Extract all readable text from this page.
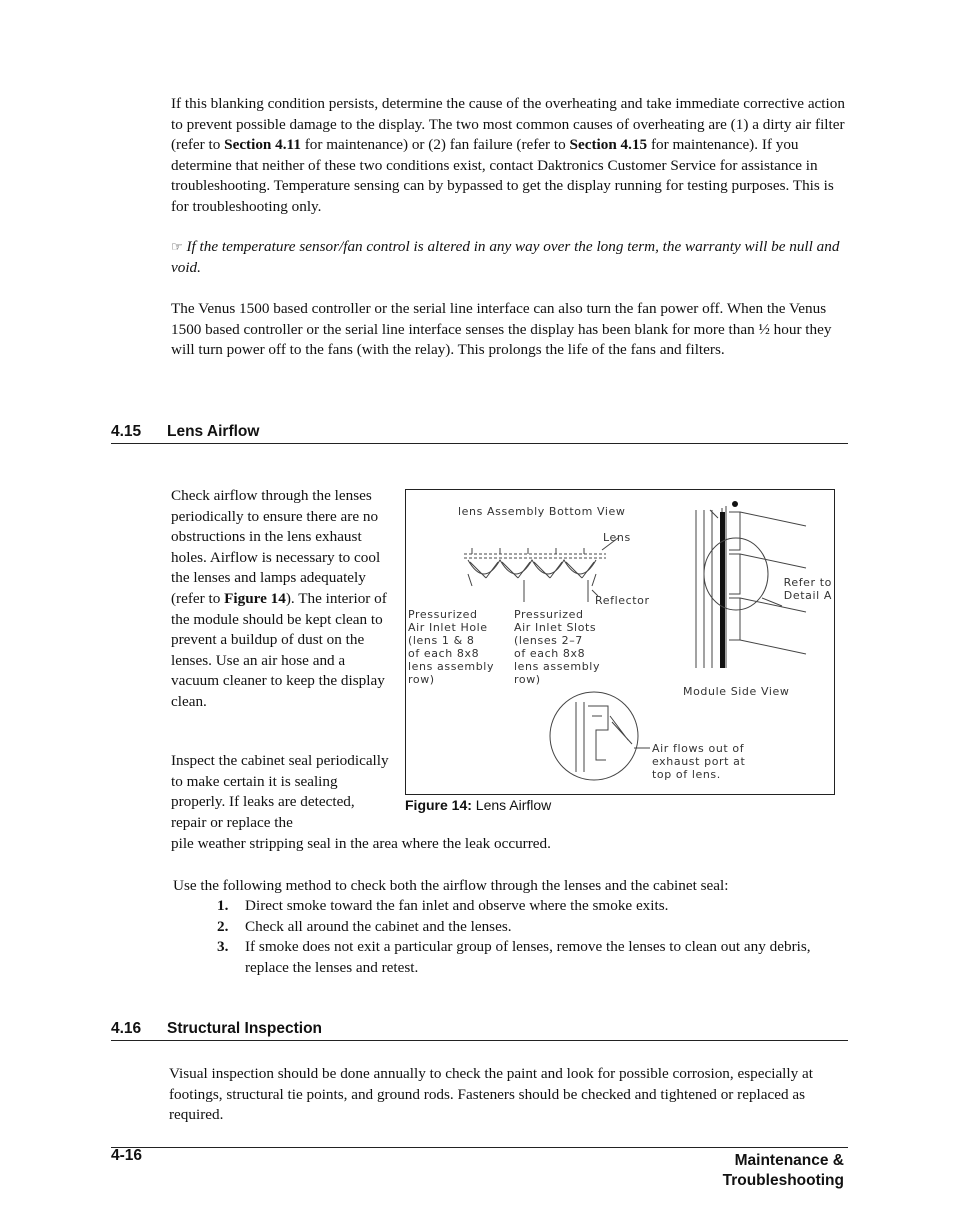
If this blanking condition persists, determine the cause of the overheating and take immediate corrective action to prevent possible damage to the display. The two most common causes of overheating are (1) a dirty air filter (refer to Section 4.11 for maintenance) or (2) fan failure (refer to Section 4.15 for maintenance). If you determine that neither of these two conditions exist, contact Daktronics Customer Service for assistance in troubleshooting. Temperature sensing can by bypassed to get the display running for testing purposes. This is for troubleshooting only.
☞ If the temperature sensor/fan control is altered in any way over the long term, the warranty will be null and void.
The Venus 1500 based controller or the serial line interface can also turn the fan power off. When the Venus 1500 based controller or the serial line interface senses the display has been blank for more than ½ hour they will turn power off to the fans (with the relay). This prolongs the life of the fans and filters.
4.15 Lens Airflow
Check airflow through the lenses periodically to ensure there are no obstructions in the lens exhaust holes. Airflow is necessary to cool the lenses and lamps adequately (refer to Figure 14). The interior of the module should be kept clean to prevent a buildup of dust on the lenses. Use an air hose and a vacuum cleaner to keep the display clean.
Inspect the cabinet seal periodically to make certain it is sealing properly. If leaks are detected, repair or replace the
pile weather stripping seal in the area where the leak occurred.
lens Assembly Bottom View
Lens
Reflector
Pressurized
Air Inlet Hole
(lens 1 & 8
of each 8x8
lens assembly
row)
Pressurized
Air Inlet Slots
(lenses 2–7
of each 8x8
lens assembly
row)
Refer to
Detail A
Module Side View
Air flows out of
exhaust port at
top of lens.
Figure 14: Lens Airflow
Use the following method to check both the airflow through the lenses and the cabinet seal:
1.	Direct smoke toward the fan inlet and observe where the smoke exits.
2.	Check all around the cabinet and the lenses.
3.	If smoke does not exit a particular group of lenses, remove the lenses to clean out any debris, replace the lenses and retest.
4.16 Structural Inspection
Visual inspection should be done annually to check the paint and look for possible corrosion, especially at footings, structural tie points, and ground rods. Fasteners should be checked and tightened or replaced as required.
4-16	Maintenance &
Troubleshooting
